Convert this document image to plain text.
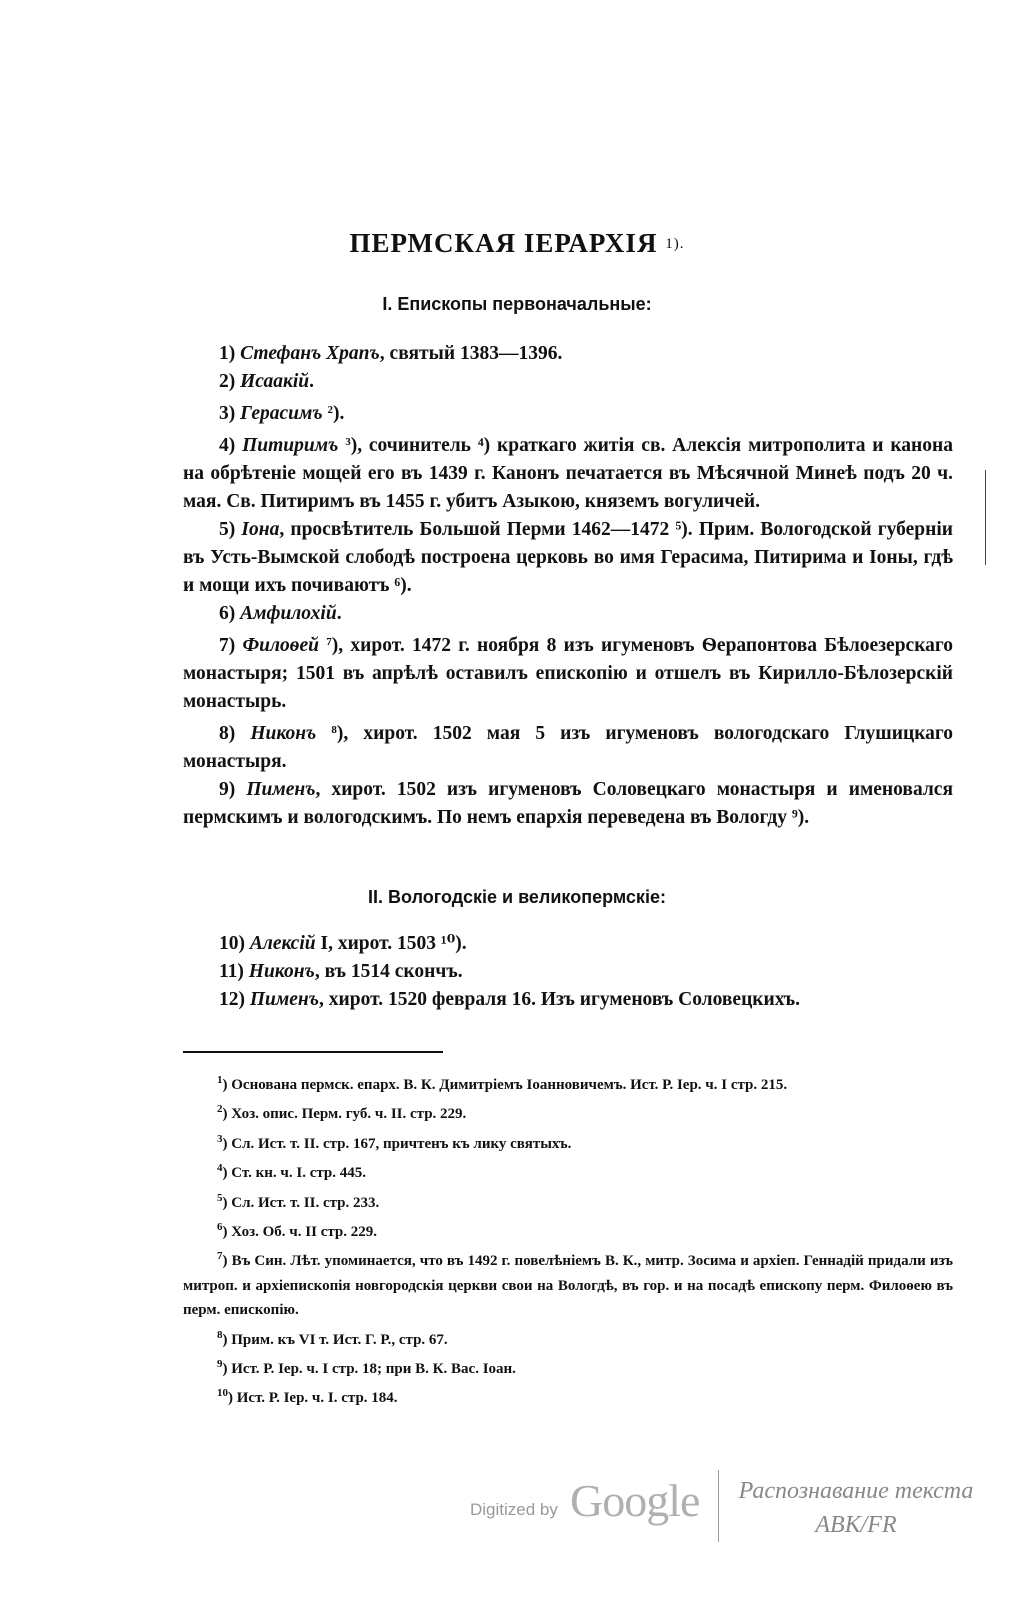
ПЕРМСКАЯ IЕРАРХIЯ $^{1).}$
I. Епископы первоначальные:

1) Стефанъ Храпъ, святый 1383—1396.

2) Исаакiй.

3) Герасимъ $^2$).

4) Питиримъ $^3$), сочинитель ⁴) краткаго житiя св. Алексiя митрополита и канона на обрѣтенiе мощей его въ 1439 г. Канонъ печатается въ Мѣсячной Минеѣ подъ 20 ч. мая. Св. Питиримъ въ 1455 г. убитъ Азыкою, княземъ вогуличей.

5) Iона, просвѣтитель Большой Перми 1462—1472 ⁵). Прим. Вологодской губернiи въ Усть-Вымской слободѣ построена церковь во имя Герасима, Питирима и Iоны, гдѣ и мощи ихъ почиваютъ ⁶).

6) Амфилохiй.

7) Филоѳей $^7$), хирот. 1472 г. ноября 8 изъ игуменовъ Ѳерапонтова Бѣлоезерскаго монастыря; 1501 въ апрѣлѣ оставилъ епископiю и отшелъ въ Кирилло-Бѣлозерскiй монастырь.

8) Никонъ $^8$), хирот. 1502 мая 5 изъ игуменовъ вологодскаго Глушицкаго монастыря.

9) Пименъ, хирот. 1502 изъ игуменовъ Соловецкаго монастыря и именовался пермскимъ и вологодскимъ. По немъ епархiя переведена въ Вологду ⁹).

II. Вологодскiе и великопермскiе:

10) Алексiй I, хирот. 1503 ¹⁰).

11) Никонъ, въ 1514 скончъ.

12) Пименъ, хирот. 1520 февраля 16. Изъ игуменовъ Соловецкихъ.

$^1$) Основана пермск. епарх. В. К. Димитрiемъ Iоанновичемъ. Ист. Р. Iер. ч. I стр. 215.

$^2$) Хоз. опис. Перм. губ. ч. II. стр. 229.

$^3$) Сл. Ист. т. II. стр. 167, причтенъ къ лику святыхъ.

$^4$) Ст. кн. ч. I. стр. 445.

$^5$) Сл. Ист. т. II. стр. 233.

$^6$) Хоз. Об. ч. II стр. 229.

$^7$) Въ Син. Лѣт. упоминается, что въ 1492 г. повелѣнiемъ В. К., митр. Зосима и архiеп. Геннадiй придали изъ митроп. и архiепископiя новгородскiя церкви свои на Вологдѣ, въ гор. и на посадѣ епископу перм. Филоѳею въ перм. епископiю.

$^8$) Прим. къ VI т. Ист. Г. Р., стр. 67.

$^9$) Ист. Р. Iер. ч. I стр. 18; при В. К. Вас. Iоан.

$^{10}$) Ист. Р. Iер. ч. I. стр. 184.

Digitized by Google	Распознавание текста
АВК/FR
